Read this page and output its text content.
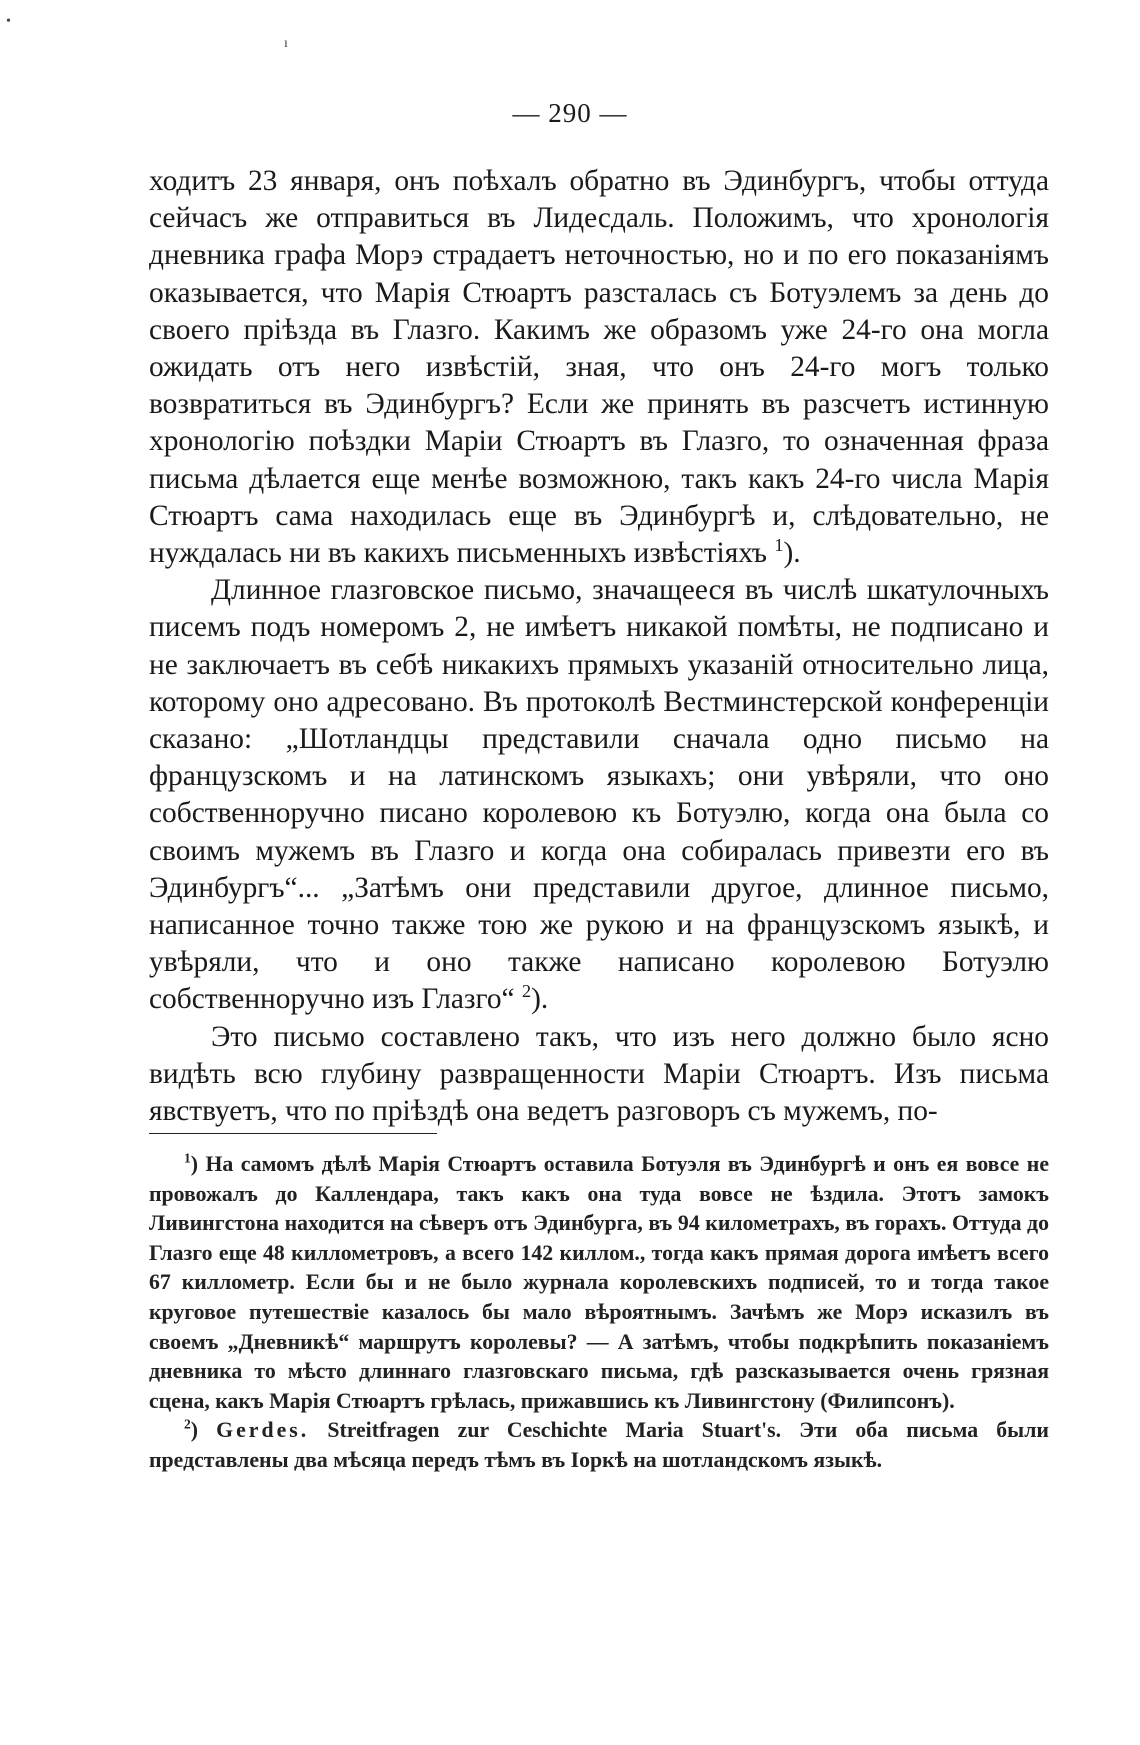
•
ı
— 290 —

ходитъ 23 января, онъ поѣхалъ обратно въ Эдинбургъ, чтобы оттуда сейчасъ же отправиться въ Лидесдаль. Положимъ, что хронологія дневника графа Морэ страдаетъ неточностью, но и по его показаніямъ оказывается, что Марія Стюартъ разсталась съ Ботуэлемъ за день до своего пріѣзда въ Глазго. Какимъ же образомъ уже 24-го она могла ожидать отъ него извѣстій, зная, что онъ 24-го могъ только возвратиться въ Эдинбургъ? Если же принять въ разсчетъ истинную хронологію поѣздки Маріи Стюартъ въ Глазго, то означенная фраза письма дѣлается еще менѣе возможною, такъ какъ 24-го числа Марія Стюартъ сама находилась еще въ Эдинбургѣ и, слѣдовательно, не нуждалась ни въ какихъ письменныхъ извѣстіяхъ $^1$).

Длинное глазговское письмо, значащееся въ числѣ шкатулочныхъ писемъ подъ номеромъ 2, не имѣетъ никакой помѣты, не подписано и не заключаетъ въ себѣ никакихъ прямыхъ указаній относительно лица, которому оно адресовано. Въ протоколѣ Вестминстерской конференціи сказано: „Шотландцы представили сначала одно письмо на французскомъ и на латинскомъ языкахъ; они увѣряли, что оно собственноручно писано королевою къ Ботуэлю, когда она была со своимъ мужемъ въ Глазго и когда она собиралась привезти его въ Эдинбургъ“... „Затѣмъ они представили другое, длинное письмо, написанное точно также тою же рукою и на французскомъ языкѣ, и увѣряли, что и оно также написано королевою Ботуэлю собственноручно изъ Глазго“ $^2$).

Это письмо составлено такъ, что изъ него должно было ясно видѣть всю глубину развращенности Маріи Стюартъ. Изъ письма явствуетъ, что по пріѣздѣ она ведетъ разговоръ съ мужемъ, по-

$^1$) На самомъ дѣлѣ Марія Стюартъ оставила Ботуэля въ Эдинбургѣ и онъ ея вовсе не провожалъ до Каллендара, такъ какъ она туда вовсе не ѣздила. Этотъ замокъ Ливингстона находится на сѣверъ отъ Эдинбурга, въ 94 километрахъ, въ горахъ. Оттуда до Глазго еще 48 киллометровъ, а всего 142 киллом., тогда какъ прямая дорога имѣетъ всего 67 киллометр. Если бы и не было журнала королевскихъ подписей, то и тогда такое круговое путешествіе казалось бы мало вѣроятнымъ. Зачѣмъ же Морэ исказилъ въ своемъ „Дневникѣ“ маршрутъ королевы? — А затѣмъ, чтобы подкрѣпить показаніемъ дневника то мѣсто длиннаго глазговскаго письма, гдѣ разсказывается очень грязная сцена, какъ Марія Стюартъ грѣлась, прижавшись къ Ливингстону (Филипсонъ).

$^2$) Gerdes. Streitfragen zur Ceschichte Maria Stuart's. Эти оба письма были представлены два мѣсяца передъ тѣмъ въ Іоркѣ на шотландскомъ языкѣ.
